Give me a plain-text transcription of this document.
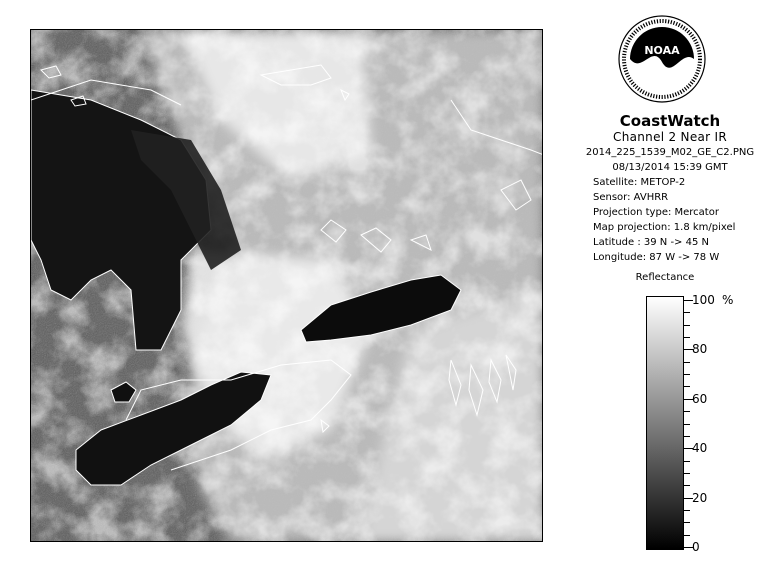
NOAA
CoastWatch
Channel 2 Near IR
2014_225_1539_M02_GE_C2.PNG
08/13/2014 15:39 GMT
Satellite: METOP-2
Sensor: AVHRR
Projection type: Mercator
Map projection: 1.8 km/pixel
Latitude : 39 N -> 45 N
Longitude: 87 W -> 78 W
Reflectance
%
100
80
60
40
20
0
